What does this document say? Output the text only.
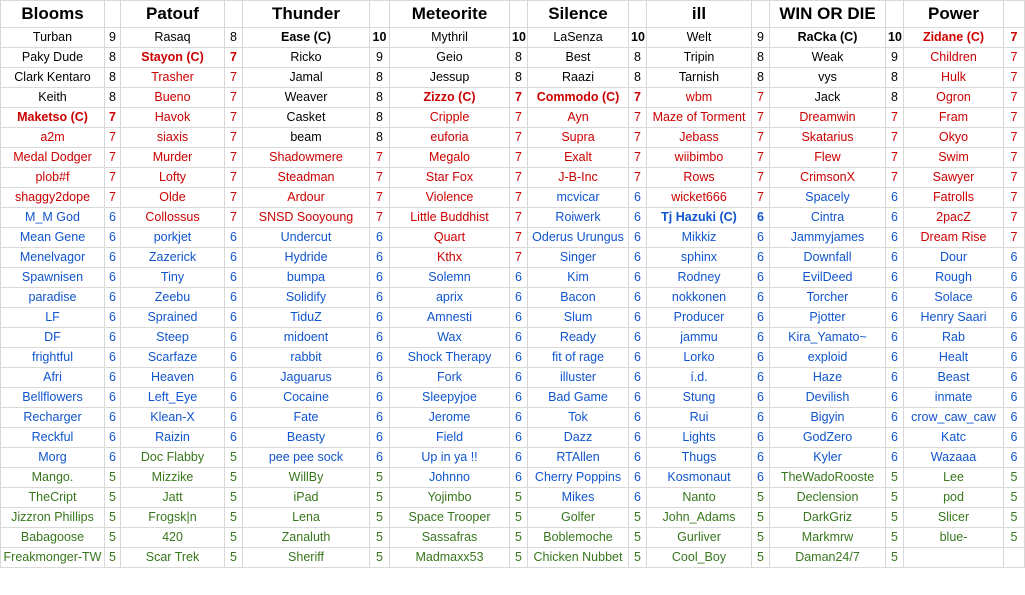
Blooms		Patouf		Thunder		Meteorite		Silence		ill		WIN OR DIE		Power	
Turban	9	Rasaq	8	Ease (C)	10	Mythril	10	LaSenza	10	Welt	9	RaCka (C)	10	Zidane (C)	7
Paky Dude	8	Stayon (C)	7	Ricko	9	Geio	8	Best	8	Tripin	8	Weak	9	Children	7
Clark Kentaro	8	Trasher	7	Jamal	8	Jessup	8	Raazi	8	Tarnish	8	vys	8	Hulk	7
Keith	8	Bueno	7	Weaver	8	Zizzo (C)	7	Commodo (C)	7	wbm	7	Jack	8	Ogron	7
Maketso (C)	7	Havok	7	Casket	8	Cripple	7	Ayn	7	Maze of Torment	7	Dreamwin	7	Fram	7
a2m	7	siaxis	7	beam	8	euforia	7	Supra	7	Jebass	7	Skatarius	7	Okyo	7
Medal Dodger	7	Murder	7	Shadowmere	7	Megalo	7	Exalt	7	wiibimbo	7	Flew	7	Swim	7
plob#f	7	Lofty	7	Steadman	7	Star Fox	7	J-B-Inc	7	Rows	7	CrimsonX	7	Sawyer	7
shaggy2dope	7	Olde	7	Ardour	7	Violence	7	mcvicar	6	wicket666	7	Spacely	6	Fatrolls	7
M_M God	6	Collossus	7	SNSD Sooyoung	7	Little Buddhist	7	Roiwerk	6	Tj Hazuki (C)	6	Cintra	6	2pacZ	7
Mean Gene	6	porkjet	6	Undercut	6	Quart	7	Oderus Urungus	6	Mikkiz	6	Jammyjames	6	Dream Rise	7
Menelvagor	6	Zazerick	6	Hydride	6	Kthx	7	Singer	6	sphinx	6	Downfall	6	Dour	6
Spawnisen	6	Tiny	6	bumpa	6	Solemn	6	Kim	6	Rodney	6	EvilDeed	6	Rough	6
paradise	6	Zeebu	6	Solidify	6	aprix	6	Bacon	6	nokkonen	6	Torcher	6	Solace	6
LF	6	Sprained	6	TiduZ	6	Amnesti	6	Slum	6	Producer	6	Pjotter	6	Henry Saari	6
DF	6	Steep	6	midoent	6	Wax	6	Ready	6	jammu	6	Kira_Yamato~	6	Rab	6
frightful	6	Scarfaze	6	rabbit	6	Shock Therapy	6	fit of rage	6	Lorko	6	exploid	6	Healt	6
Afri	6	Heaven	6	Jaguarus	6	Fork	6	illuster	6	í.d.	6	Haze	6	Beast	6
Bellflowers	6	Left_Eye	6	Cocaine	6	Sleepyjoe	6	Bad Game	6	Stung	6	Devilish	6	inmate	6
Recharger	6	Klean-X	6	Fate	6	Jerome	6	Tok	6	Rui	6	Bigyin	6	crow_caw_caw	6
Reckful	6	Raizin	6	Beasty	6	Field	6	Dazz	6	Lights	6	GodZero	6	Katc	6
Morg	6	Doc Flabby	5	pee pee sock	6	Up in ya !!	6	RTAllen	6	Thugs	6	Kyler	6	Wazaaa	6
Mango.	5	Mizzike	5	WillBy	5	Johnno	6	Cherry Poppins	6	Kosmonaut	6	TheWadoRooste	5	Lee	5
TheCript	5	Jatt	5	iPad	5	Yojimbo	5	Mikes	6	Nanto	5	Declension	5	pod	5
Jizzron Phillips	5	Frogsk|n	5	Lena	5	Space Trooper	5	Golfer	5	John_Adams	5	DarkGriz	5	Slicer	5
Babagoose	5	420	5	Zanaluth	5	Sassafras	5	Boblemoche	5	Gurliver	5	Markmrw	5	blue-	5
Freakmonger-TW	5	Scar Trek	5	Sheriff	5	Madmaxx53	5	Chicken Nubbet	5	Cool_Boy	5	Daman24/7	5		
